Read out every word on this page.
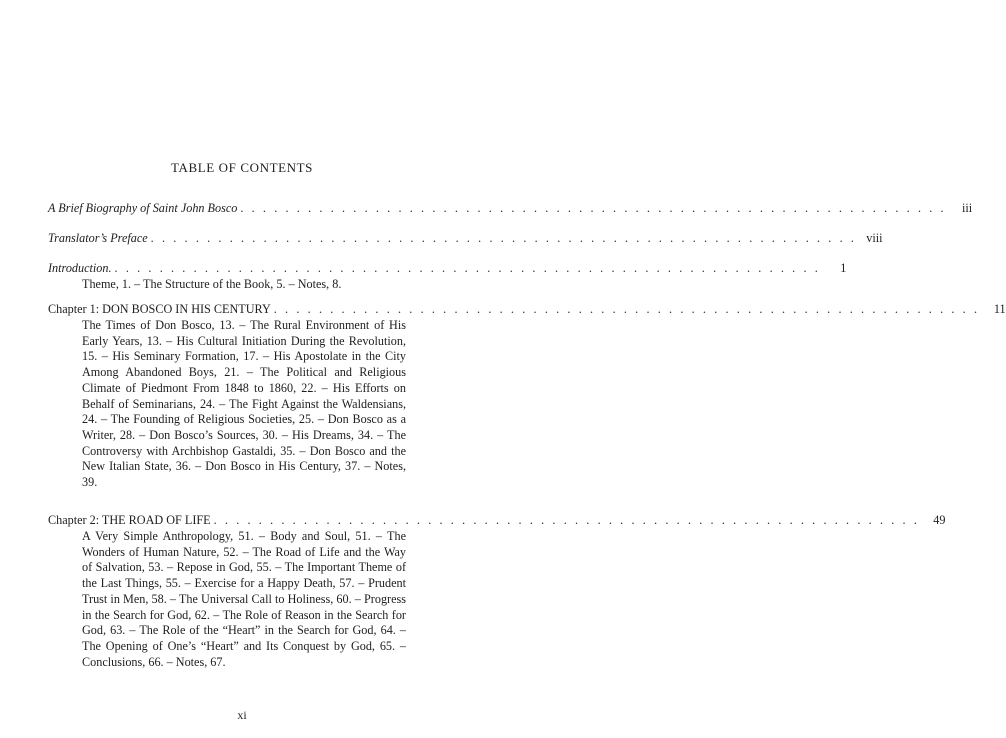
TABLE OF CONTENTS
A Brief Biography of Saint John Bosco . . . . . . . . . . . . . . . . . . . . . . . . . . . . . . . . . . . . . . . . . . . . . . . . . . . . . . . . . . . . . . .	iii
Translator’s Preface . . . . . . . . . . . . . . . . . . . . . . . . . . . . . . . . . . . . . . . . . . . . . . . . . . . . . . . . . . . . . . . viii
Introduction. . . . . . . . . . . . . . . . . . . . . . . . . . . . . . . . . . . . . . . . . . . . . . . . . . . . . . . . . . . . . . . .	1
Theme, 1. – The Structure of the Book, 5. – Notes, 8.
Chapter 1: DON BOSCO IN HIS CENTURY . . . . . . . . . . . . . . . . . . . . . . . . . . . . . . . . . . . . . . . . . . . . . . . . . . . . . . . . . . . . . . .	11
The Times of Don Bosco, 13. – The Rural Environment of His Early Years, 13. – His Cultural Initiation During the Revolution, 15. – His Seminary Formation, 17. – His Apostolate in the City Among Abandoned Boys, 21. – The Political and Religious Climate of Piedmont From 1848 to 1860, 22. – His Efforts on Behalf of Seminarians, 24. – The Fight Against the Waldensians, 24. – The Founding of Religious Societies, 25. – Don Bosco as a Writer, 28. – Don Bosco’s Sources, 30. – His Dreams, 34. – The Controversy with Archbishop Gastaldi, 35. – Don Bosco and the New Italian State, 36. – Don Bosco in His Century, 37. – Notes, 39.
Chapter 2: THE ROAD OF LIFE . . . . . . . . . . . . . . . . . . . . . . . . . . . . . . . . . . . . . . . . . . . . . . . . . . . . . . . . . . . . . . .	49
A Very Simple Anthropology, 51. – Body and Soul, 51. – The Wonders of Human Nature, 52. – The Road of Life and the Way of Salvation, 53. – Repose in God, 55. – The Important Theme of the Last Things, 55. – Exercise for a Happy Death, 57. – Prudent Trust in Men, 58. – The Universal Call to Holiness, 60. – Progress in the Search for God, 62. – The Role of Reason in the Search for God, 63. – The Role of the “Heart” in the Search for God, 64. – The Opening of One’s “Heart” and Its Conquest by God, 65. – Conclusions, 66. – Notes, 67.
xi
